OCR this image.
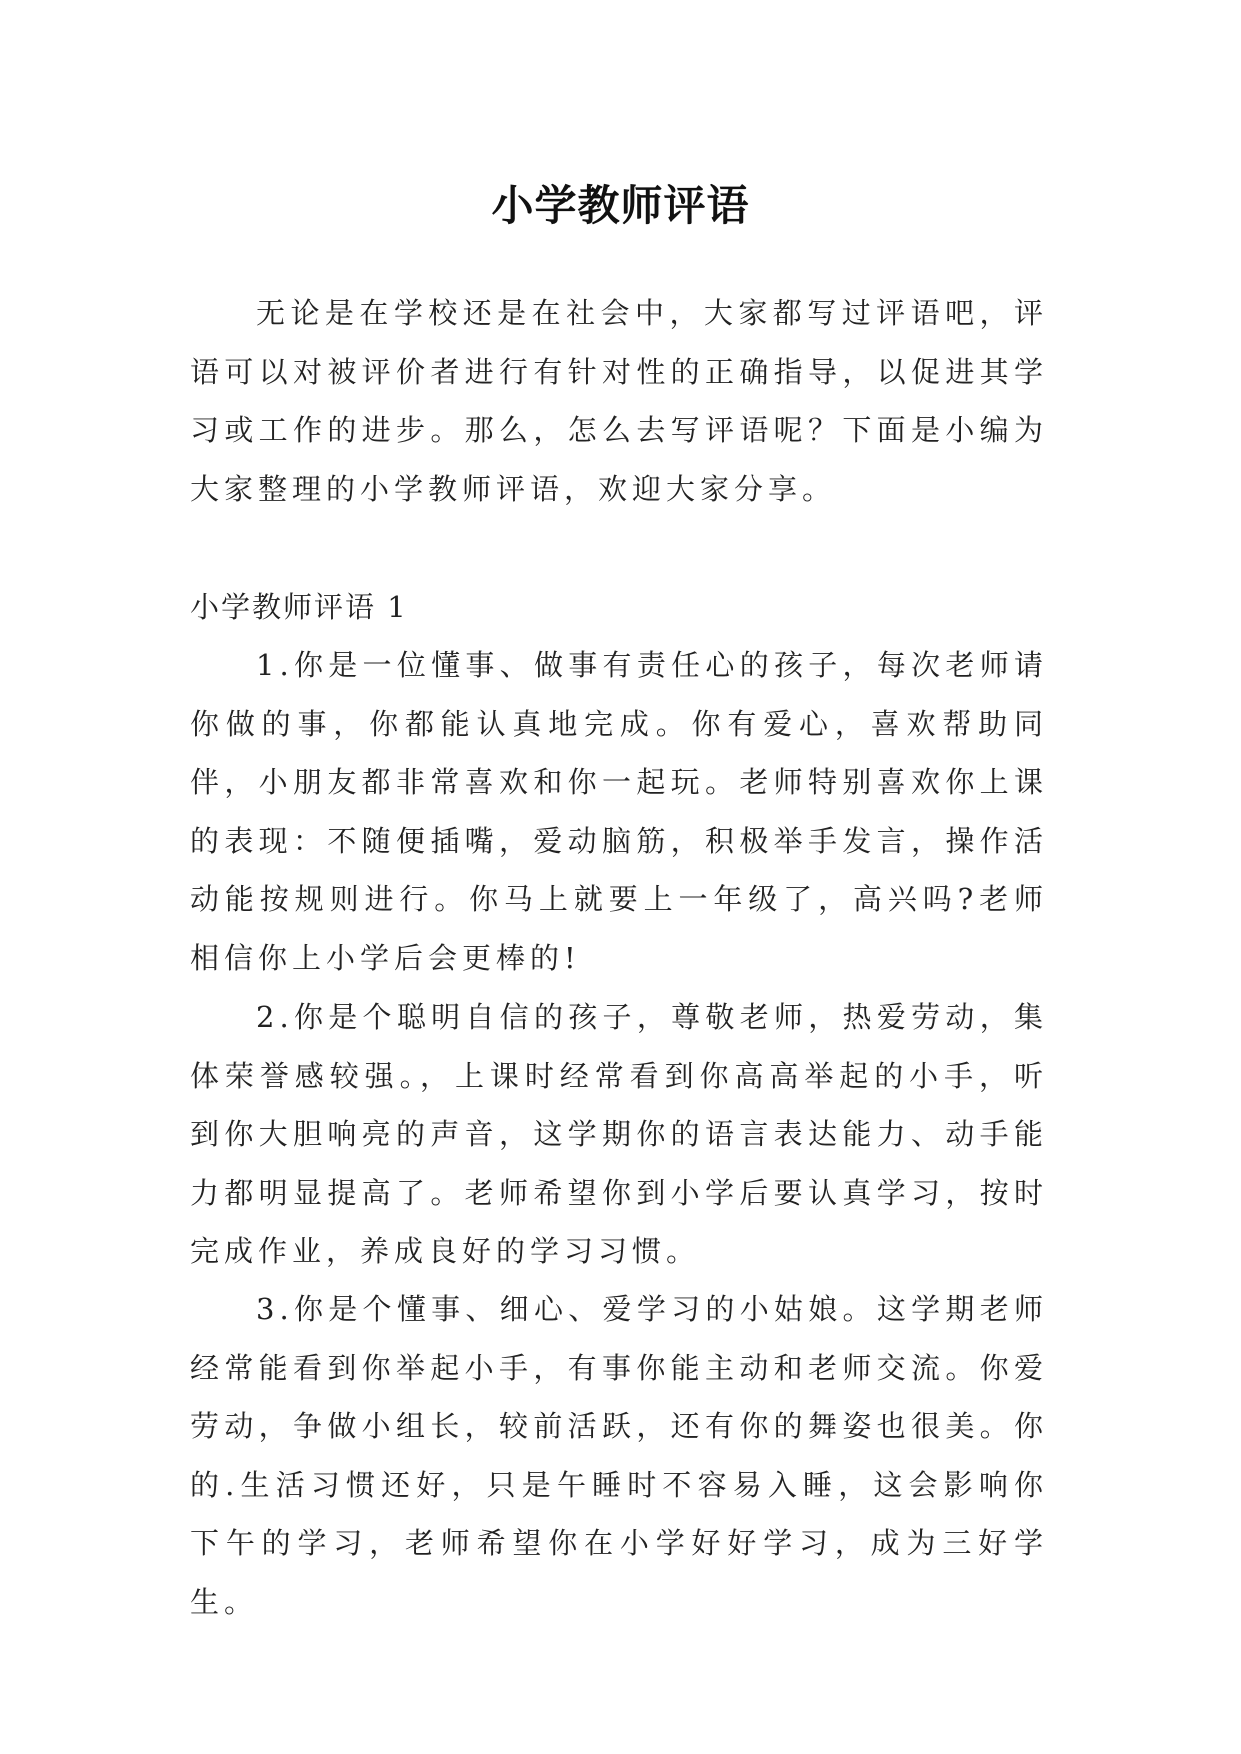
小学教师评语

无论是在学校还是在社会中，大家都写过评语吧，评语可以对被评价者进行有针对性的正确指导，以促进其学习或工作的进步。那么，怎么去写评语呢？下面是小编为大家整理的小学教师评语，欢迎大家分享。

小学教师评语 1

1.你是一位懂事、做事有责任心的孩子，每次老师请你做的事，你都能认真地完成。你有爱心，喜欢帮助同伴，小朋友都非常喜欢和你一起玩。老师特别喜欢你上课的表现：不随便插嘴，爱动脑筋，积极举手发言，操作活动能按规则进行。你马上就要上一年级了，高兴吗?老师相信你上小学后会更棒的!

2.你是个聪明自信的孩子，尊敬老师，热爱劳动，集体荣誉感较强。，上课时经常看到你高高举起的小手，听到你大胆响亮的声音，这学期你的语言表达能力、动手能力都明显提高了。老师希望你到小学后要认真学习，按时完成作业，养成良好的学习习惯。

3.你是个懂事、细心、爱学习的小姑娘。这学期老师经常能看到你举起小手，有事你能主动和老师交流。你爱劳动，争做小组长，较前活跃，还有你的舞姿也很美。你的.生活习惯还好，只是午睡时不容易入睡，这会影响你下午的学习，老师希望你在小学好好学习，成为三好学生。
